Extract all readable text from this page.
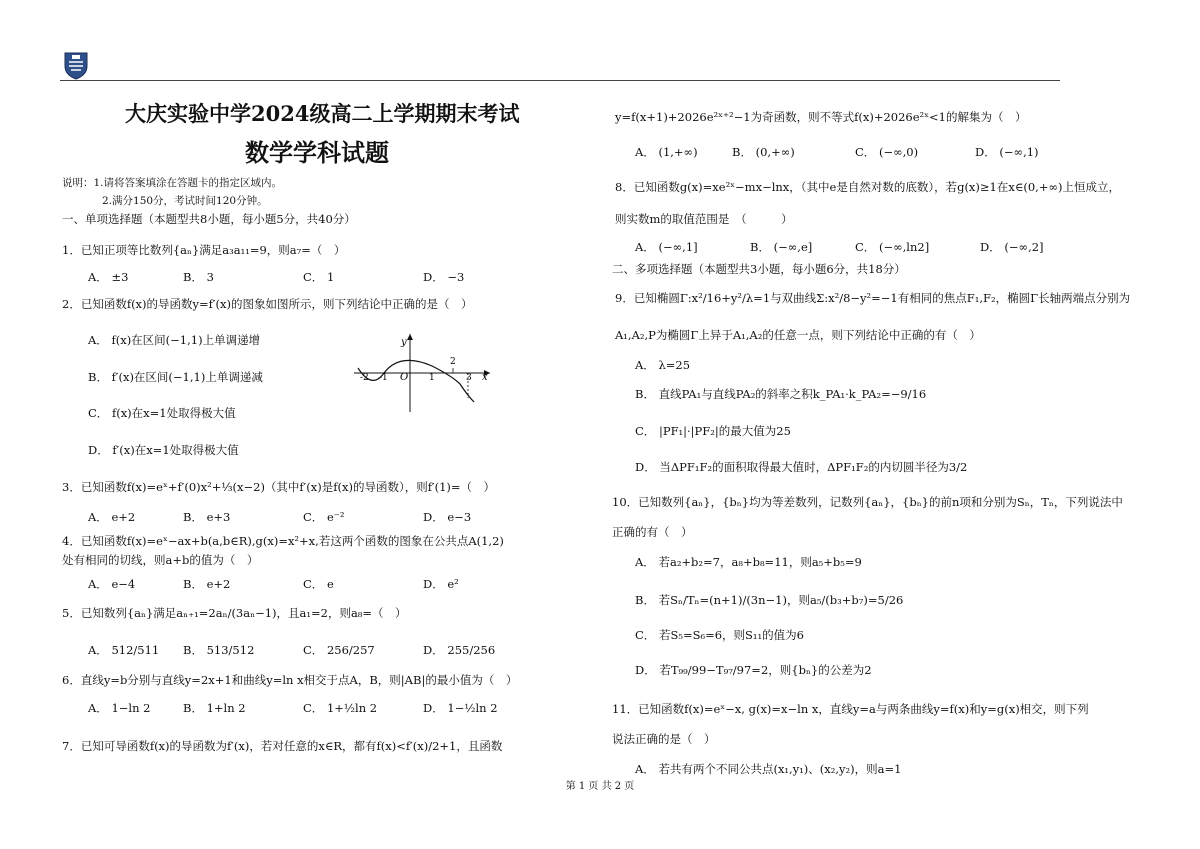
大庆实验中学2024级高二上学期期末考试
数学学科试题
说明：1.请将答案填涂在答题卡的指定区域内。
2.满分150分，考试时间120分钟。
一、单项选择题（本题型共8小题，每小题5分，共40分）
1．已知正项等比数列{aₙ}满足a₃a₁₁=9，则a₇=（　）
A． ±3	B． 3	C． 1	D． −3
2．已知函数f(x)的导函数y=f′(x)的图象如图所示，则下列结论中正确的是（　）
A． f(x)在区间(−1,1)上单调递增
B． f′(x)在区间(−1,1)上单调递减
C． f(x)在x=1处取得极大值
D． f′(x)在x=1处取得极大值
y
x
-2 -1 O 1
2
3
3．已知函数f(x)=eˣ+f′(0)x²+⅓(x−2)（其中f′(x)是f(x)的导函数），则f′(1)=（　）
A． e+2	B． e+3	C． e⁻²	D． e−3
4．已知函数f(x)=eˣ−ax+b(a,b∈R),g(x)=x²+x,若这两个函数的图象在公共点A(1,2)
处有相同的切线，则a+b的值为（　）
A． e−4	B． e+2	C． e	D． e²
5．已知数列{aₙ}满足aₙ₊₁=2aₙ/(3aₙ−1)，且a₁=2，则a₈=（　）
A． 512/511 B． 513/512	C． 256/257	D． 255/256
6．直线y=b分别与直线y=2x+1和曲线y=ln x相交于点A，B，则|AB|的最小值为（　）
A． 1−ln 2	B． 1+ln 2	C． 1+½ln 2	D． 1−½ln 2
7．已知可导函数f(x)的导函数为f′(x)，若对任意的x∈R，都有f(x)<f′(x)/2+1，且函数
y=f(x+1)+2026e²ˣ⁺²−1为奇函数，则不等式f(x)+2026e²ˣ<1的解集为（　）
A． (1,+∞)	B． (0,+∞)	C． (−∞,0)	D． (−∞,1)
8．已知函数g(x)=xe²ˣ−mx−lnx，（其中e是自然对数的底数），若g(x)≥1在x∈(0,+∞)上恒成立，
则实数m的取值范围是　（　　　）
A． (−∞,1]	B． (−∞,e]	C． (−∞,ln2]	D． (−∞,2]
二、多项选择题（本题型共3小题，每小题6分，共18分）
9．已知椭圆Γ:x²/16+y²/λ=1与双曲线Σ:x²/8−y²=−1有相同的焦点F₁,F₂，椭圆Γ长轴两端点分别为
A₁,A₂,P为椭圆Γ上异于A₁,A₂的任意一点，则下列结论中正确的有（　）
A． λ=25
B． 直线PA₁与直线PA₂的斜率之积k_PA₁·k_PA₂=−9/16
C． |PF₁|·|PF₂|的最大值为25
D． 当ΔPF₁F₂的面积取得最大值时，ΔPF₁F₂的内切圆半径为3/2
10．已知数列{aₙ}，{bₙ}均为等差数列，记数列{aₙ}，{bₙ}的前n项和分别为Sₙ，Tₙ，下列说法中
正确的有（　）
A． 若a₂+b₂=7，a₈+b₈=11，则a₅+b₅=9
B． 若Sₙ/Tₙ=(n+1)/(3n−1)，则a₅/(b₃+b₇)=5/26
C． 若S₅=S₆=6，则S₁₁的值为6
D． 若T₉₉/99−T₉₇/97=2，则{bₙ}的公差为2
11．已知函数f(x)=eˣ−x, g(x)=x−ln x，直线y=a与两条曲线y=f(x)和y=g(x)相交，则下列
说法正确的是（　）
A． 若共有两个不同公共点(x₁,y₁)、(x₂,y₂)，则a=1
第 1 页 共 2 页
